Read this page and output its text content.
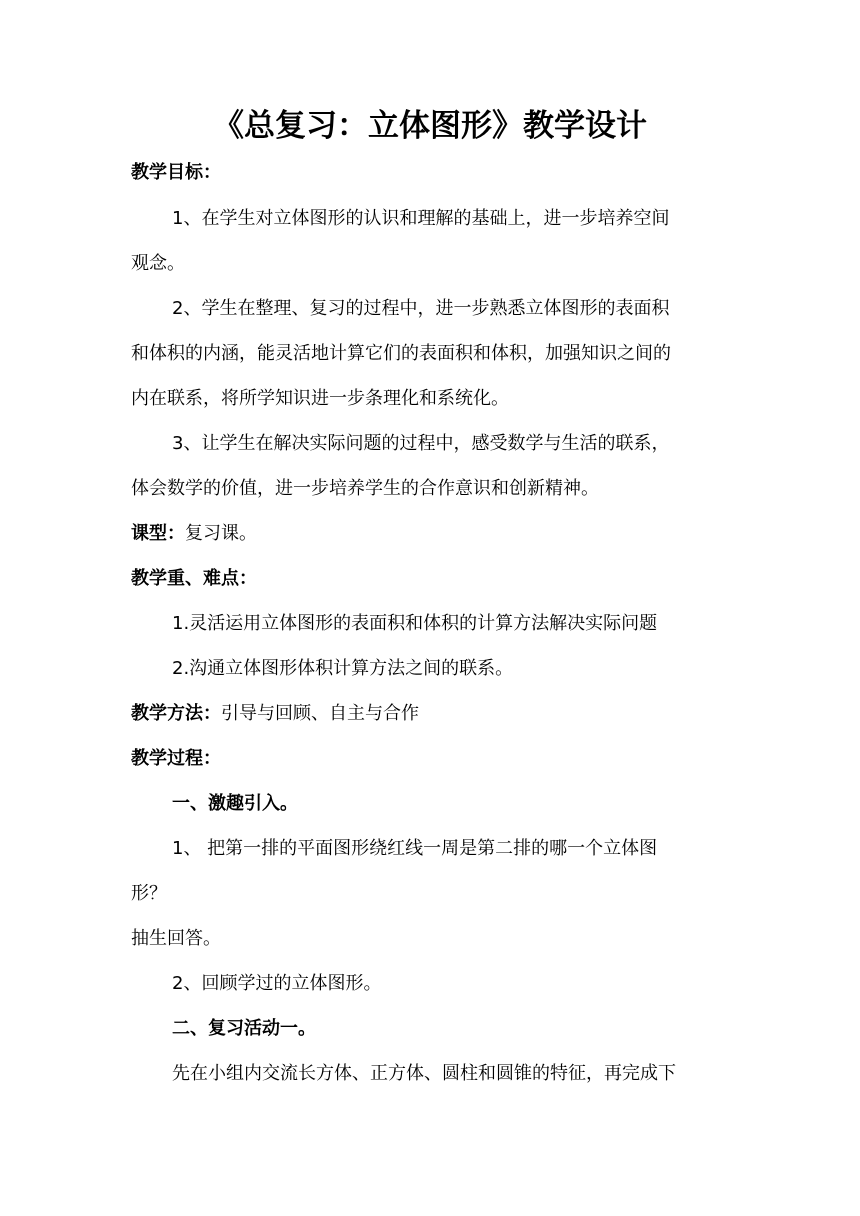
《总复习：立体图形》教学设计
教学目标：
1、在学生对立体图形的认识和理解的基础上，进一步培养空间
观念。
2、学生在整理、复习的过程中，进一步熟悉立体图形的表面积
和体积的内涵，能灵活地计算它们的表面积和体积，加强知识之间的
内在联系，将所学知识进一步条理化和系统化。
3、让学生在解决实际问题的过程中，感受数学与生活的联系，
体会数学的价值，进一步培养学生的合作意识和创新精神。
课型：复习课。
教学重、难点：
1.灵活运用立体图形的表面积和体积的计算方法解决实际问题
2.沟通立体图形体积计算方法之间的联系。
教学方法：引导与回顾、自主与合作
教学过程：
一、激趣引入。
1、 把第一排的平面图形绕红线一周是第二排的哪一个立体图
形？
抽生回答。
2、回顾学过的立体图形。
二、复习活动一。
先在小组内交流长方体、正方体、圆柱和圆锥的特征，再完成下
